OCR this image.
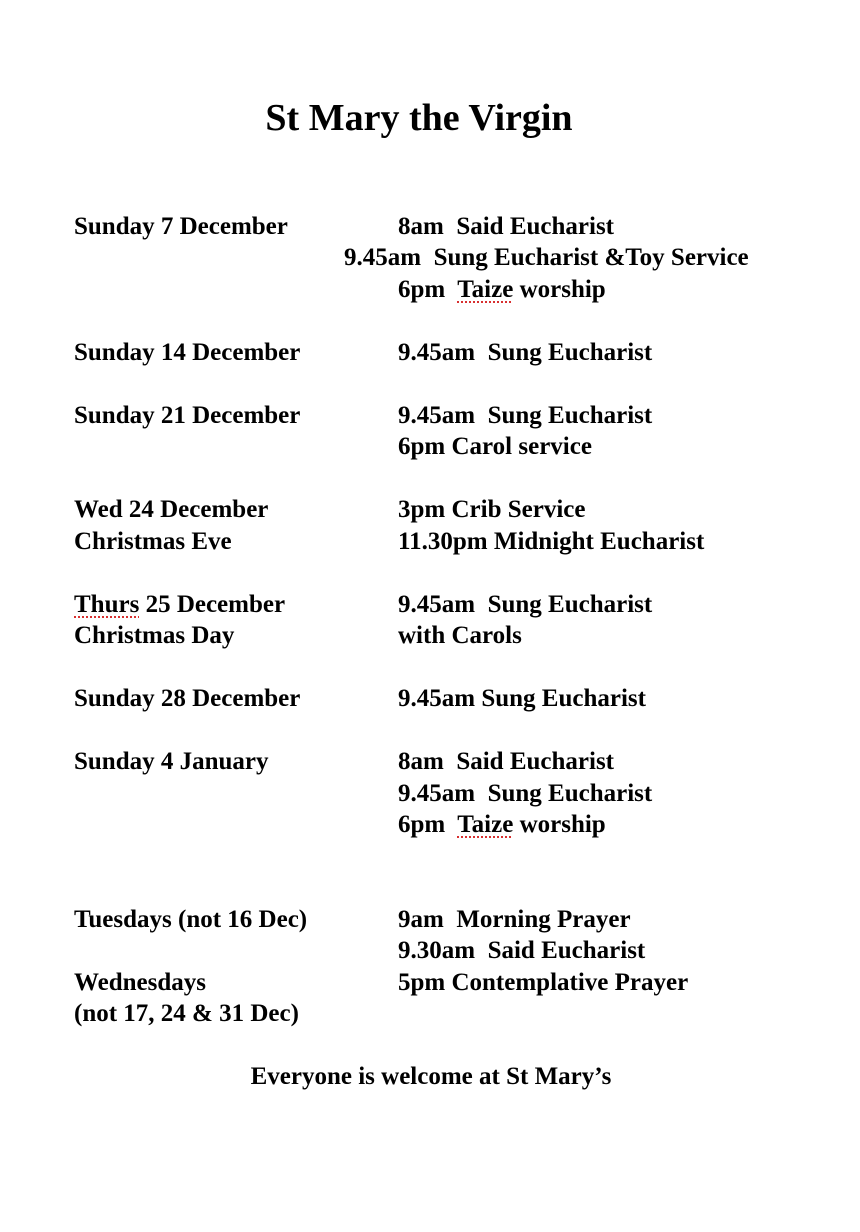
St Mary the Virgin
Sunday 7 December	8am  Said Eucharist
9.45am  Sung Eucharist &Toy Service
6pm  Taize worship
Sunday 14 December	9.45am  Sung Eucharist
Sunday 21 December	9.45am  Sung Eucharist
6pm Carol service
Wed 24 December	3pm Crib Service
Christmas Eve	11.30pm Midnight Eucharist
Thurs 25 December	9.45am  Sung Eucharist
Christmas Day	with Carols
Sunday 28 December	9.45am Sung Eucharist
Sunday 4 January	8am  Said Eucharist
9.45am  Sung Eucharist
6pm  Taize worship
Tuesdays (not 16 Dec)	9am  Morning Prayer
9.30am  Said Eucharist
Wednesdays	5pm Contemplative Prayer
(not 17, 24 & 31 Dec)
Everyone is welcome at St Mary’s
